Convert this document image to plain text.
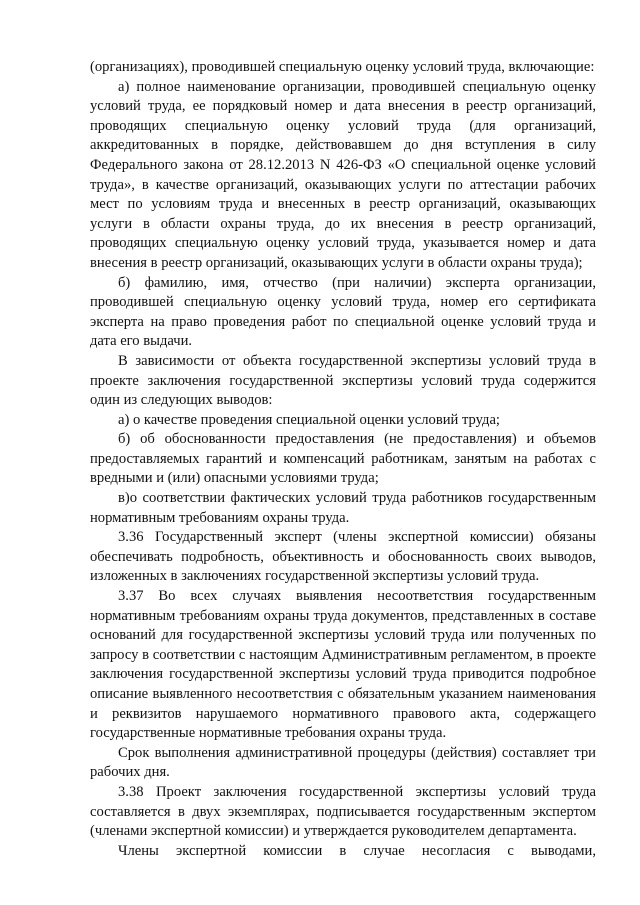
(организациях), проводившей специальную оценку условий труда, включающие:

а) полное наименование организации, проводившей специальную оценку условий труда, ее порядковый номер и дата внесения в реестр организаций, проводящих специальную оценку условий труда (для организаций, аккредитованных в порядке, действовавшем до дня вступления в силу Федерального закона от 28.12.2013 N 426-ФЗ «О специальной оценке условий труда», в качестве организаций, оказывающих услуги по аттестации рабочих мест по условиям труда и внесенных в реестр организаций, оказывающих услуги в области охраны труда, до их внесения в реестр организаций, проводящих специальную оценку условий труда, указывается номер и дата внесения в реестр организаций, оказывающих услуги в области охраны труда);

б) фамилию, имя, отчество (при наличии) эксперта организации, проводившей специальную оценку условий труда, номер его сертификата эксперта на право проведения работ по специальной оценке условий труда и дата его выдачи.

В зависимости от объекта государственной экспертизы условий труда в проекте заключения государственной экспертизы условий труда содержится один из следующих выводов:

а) о качестве проведения специальной оценки условий труда;

б) об обоснованности предоставления (не предоставления) и объемов предоставляемых гарантий и компенсаций работникам, занятым на работах с вредными и (или) опасными условиями труда;

в)о соответствии фактических условий труда работников государственным нормативным требованиям охраны труда.

3.36 Государственный эксперт (члены экспертной комиссии) обязаны обеспечивать подробность, объективность и обоснованность своих выводов, изложенных в заключениях государственной экспертизы условий труда.

3.37 Во всех случаях выявления несоответствия государственным нормативным требованиям охраны труда документов, представленных в составе оснований для государственной экспертизы условий труда или полученных по запросу в соответствии с настоящим Административным регламентом, в проекте заключения государственной экспертизы условий труда приводится подробное описание выявленного несоответствия с обязательным указанием наименования и реквизитов нарушаемого нормативного правового акта, содержащего государственные нормативные требования охраны труда.

Срок выполнения административной процедуры (действия) составляет три рабочих дня.

3.38 Проект заключения государственной экспертизы условий труда составляется в двух экземплярах, подписывается государственным экспертом (членами экспертной комиссии) и утверждается руководителем департамента.

Члены экспертной комиссии в случае несогласия с выводами,
